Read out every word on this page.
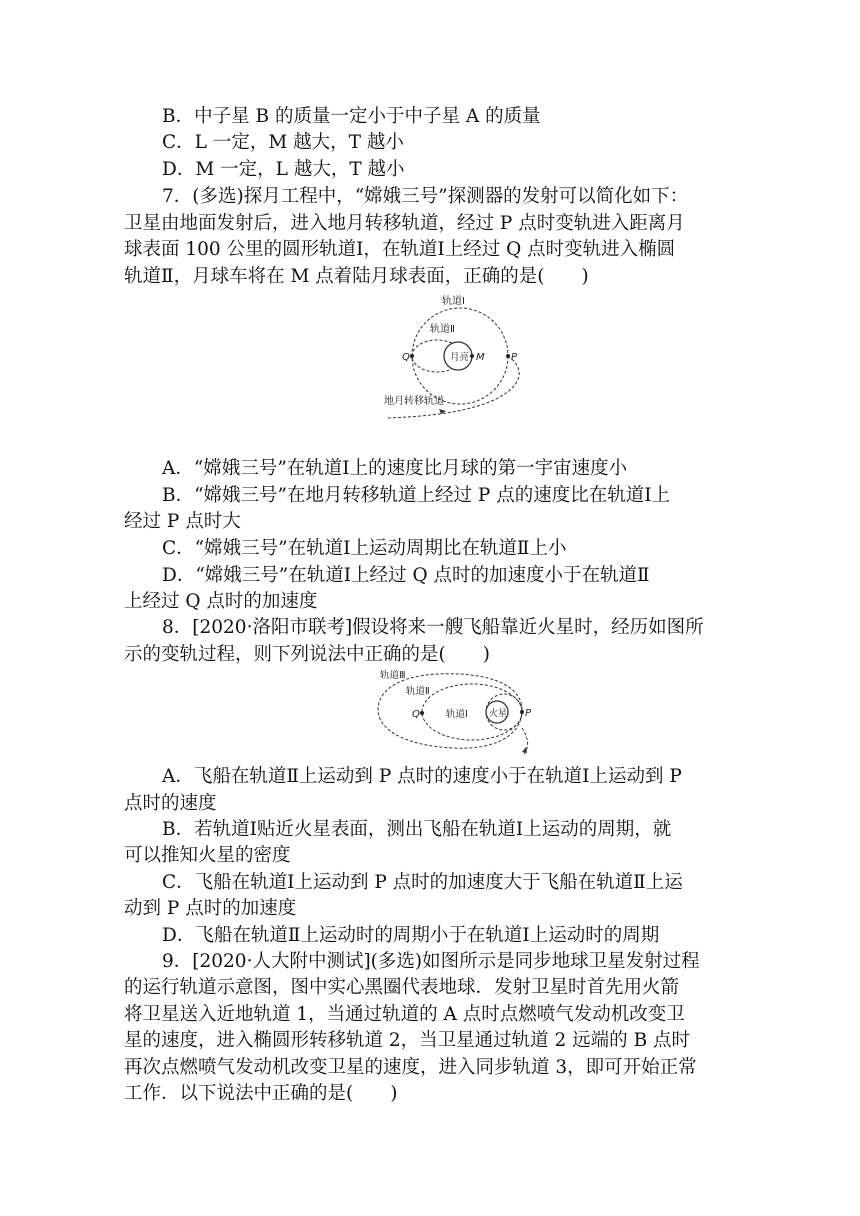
B．中子星 B 的质量一定小于中子星 A 的质量
C．L 一定，M 越大，T 越小
D．M 一定，L 越大，T 越小
7．(多选)探月工程中，“嫦娥三号”探测器的发射可以简化如下：
卫星由地面发射后，进入地月转移轨道，经过 P 点时变轨进入距离月
球表面 100 公里的圆形轨道Ⅰ，在轨道Ⅰ上经过 Q 点时变轨进入椭圆
轨道Ⅱ，月球车将在 M 点着陆月球表面，正确的是(　　)
轨道Ⅰ
轨道Ⅱ
月亮
Q	M	P
地月转移轨道
A．“嫦娥三号”在轨道Ⅰ上的速度比月球的第一宇宙速度小
B．“嫦娥三号”在地月转移轨道上经过 P 点的速度比在轨道Ⅰ上
经过 P 点时大
C．“嫦娥三号”在轨道Ⅰ上运动周期比在轨道Ⅱ上小
D．“嫦娥三号”在轨道Ⅰ上经过 Q 点时的加速度小于在轨道Ⅱ
上经过 Q 点时的加速度
8．[2020·洛阳市联考]假设将来一艘飞船靠近火星时，经历如图所
示的变轨过程，则下列说法中正确的是(　　)
轨道Ⅲ
轨道Ⅱ
轨道Ⅰ 火星
Q	P
A．飞船在轨道Ⅱ上运动到 P 点时的速度小于在轨道Ⅰ上运动到 P
点时的速度
B．若轨道Ⅰ贴近火星表面，测出飞船在轨道Ⅰ上运动的周期，就
可以推知火星的密度
C．飞船在轨道Ⅰ上运动到 P 点时的加速度大于飞船在轨道Ⅱ上运
动到 P 点时的加速度
D．飞船在轨道Ⅱ上运动时的周期小于在轨道Ⅰ上运动时的周期
9．[2020·人大附中测试](多选)如图所示是同步地球卫星发射过程
的运行轨道示意图，图中实心黑圈代表地球．发射卫星时首先用火箭
将卫星送入近地轨道 1，当通过轨道的 A 点时点燃喷气发动机改变卫
星的速度，进入椭圆形转移轨道 2，当卫星通过轨道 2 远端的 B 点时
再次点燃喷气发动机改变卫星的速度，进入同步轨道 3，即可开始正常
工作．以下说法中正确的是(　　)
